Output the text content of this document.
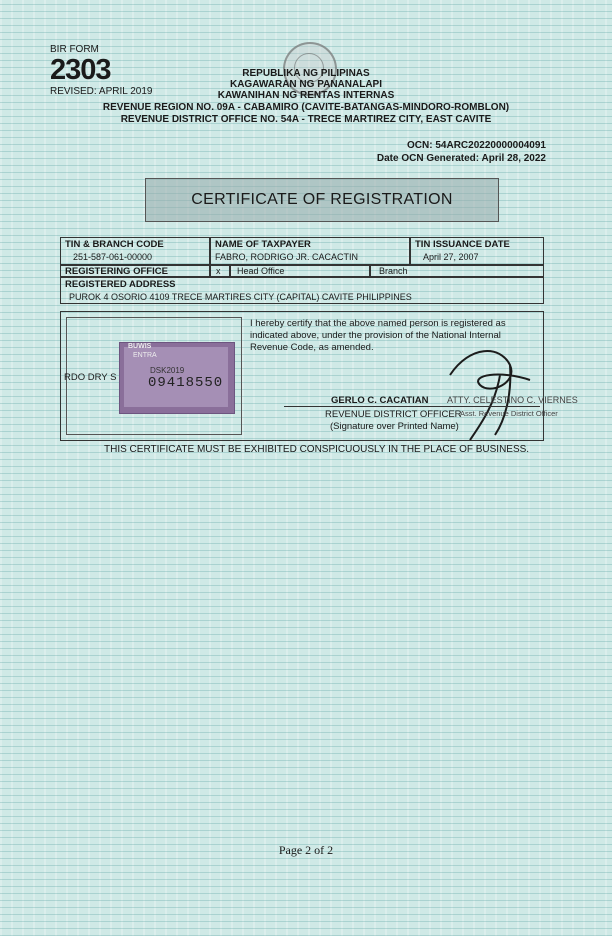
BIR FORM
2303
REVISED: APRIL 2019
REPUBLIKA NG PILIPINAS
KAGAWARAN NG PANANALAPI
KAWANIHAN NG RENTAS INTERNAS
REVENUE REGION NO. 09A - CABAMIRO (CAVITE-BATANGAS-MINDORO-ROMBLON)
REVENUE DISTRICT OFFICE NO. 54A - TRECE MARTIREZ CITY, EAST CAVITE
OCN: 54ARC20220000004091
Date OCN Generated: April 28, 2022
CERTIFICATE OF REGISTRATION
TIN & BRANCH CODE
251-587-061-00000
NAME OF TAXPAYER
FABRO, RODRIGO JR. CACACTIN
TIN ISSUANCE DATE
April 27, 2007
REGISTERING OFFICE	x Head Office	Branch
REGISTERED ADDRESS
PUROK 4 OSORIO 4109 TRECE MARTIRES CITY (CAPITAL) CAVITE PHILIPPINES
RDO DRY S
BUWIS
ENTRA
DSK2019
09418550
I hereby certify that the above named person is registered as indicated above, under the provision of the National Internal Revenue Code, as amended.
GERLO C. CACATIAN ATTY. CELESTINO C. VIERNES
REVENUE DISTRICT OFFICER
Asst. Revenue District Officer
(Signature over Printed Name)
THIS CERTIFICATE MUST BE EXHIBITED CONSPICUOUSLY IN THE PLACE OF BUSINESS.
Page 2 of 2
